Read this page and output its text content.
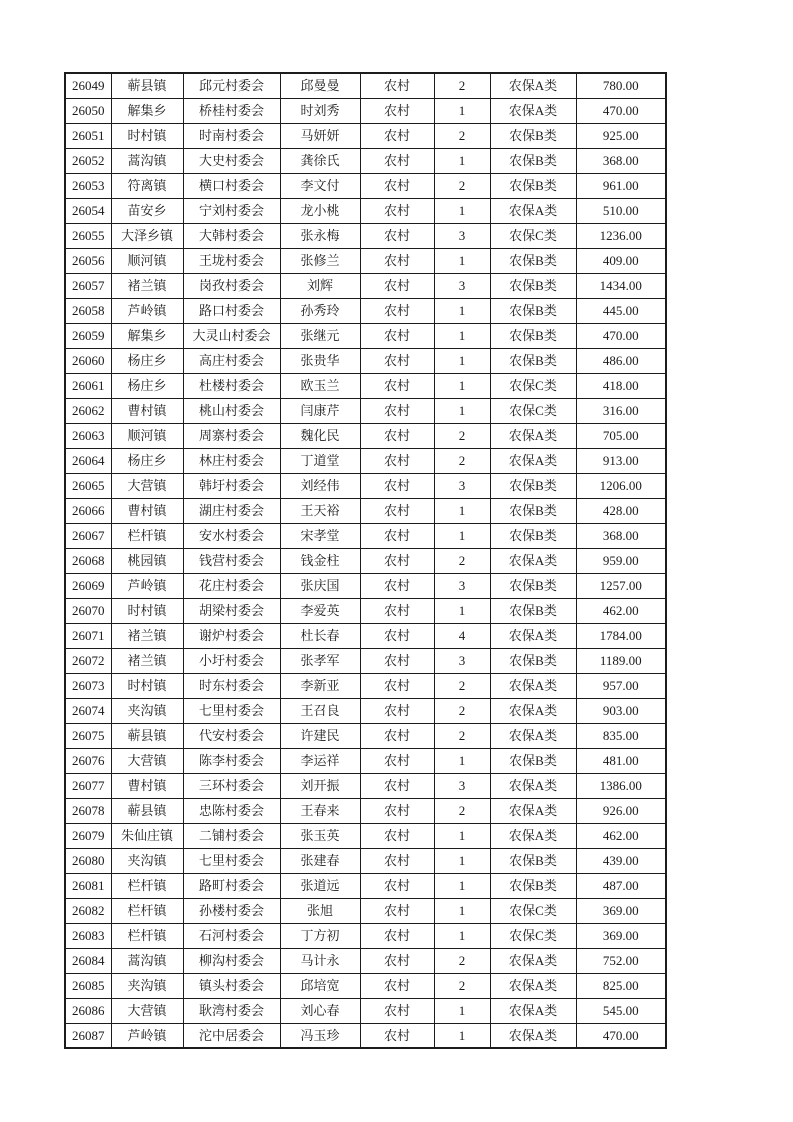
26049	蕲县镇	邱元村委会	邱曼曼	农村	2	农保A类	780.00
26050	解集乡	桥桂村委会	时刘秀	农村	1	农保A类	470.00
26051	时村镇	时南村委会	马妍妍	农村	2	农保B类	925.00
26052	蒿沟镇	大史村委会	龚徐氏	农村	1	农保B类	368.00
26053	符离镇	横口村委会	李文付	农村	2	农保B类	961.00
26054	苗安乡	宁刘村委会	龙小桃	农村	1	农保A类	510.00
26055	大泽乡镇	大韩村委会	张永梅	农村	3	农保C类	1236.00
26056	顺河镇	王垅村委会	张修兰	农村	1	农保B类	409.00
26057	褚兰镇	岗孜村委会	刘辉	农村	3	农保B类	1434.00
26058	芦岭镇	路口村委会	孙秀玲	农村	1	农保B类	445.00
26059	解集乡	大灵山村委会	张继元	农村	1	农保B类	470.00
26060	杨庄乡	高庄村委会	张贵华	农村	1	农保B类	486.00
26061	杨庄乡	杜楼村委会	欧玉兰	农村	1	农保C类	418.00
26062	曹村镇	桃山村委会	闫康芹	农村	1	农保C类	316.00
26063	顺河镇	周寨村委会	魏化民	农村	2	农保A类	705.00
26064	杨庄乡	林庄村委会	丁道堂	农村	2	农保A类	913.00
26065	大营镇	韩圩村委会	刘经伟	农村	3	农保B类	1206.00
26066	曹村镇	湖庄村委会	王天裕	农村	1	农保B类	428.00
26067	栏杆镇	安水村委会	宋孝堂	农村	1	农保B类	368.00
26068	桃园镇	钱营村委会	钱金柱	农村	2	农保A类	959.00
26069	芦岭镇	花庄村委会	张庆国	农村	3	农保B类	1257.00
26070	时村镇	胡梁村委会	李爱英	农村	1	农保B类	462.00
26071	褚兰镇	谢炉村委会	杜长春	农村	4	农保A类	1784.00
26072	褚兰镇	小圩村委会	张孝军	农村	3	农保B类	1189.00
26073	时村镇	时东村委会	李新亚	农村	2	农保A类	957.00
26074	夹沟镇	七里村委会	王召良	农村	2	农保A类	903.00
26075	蕲县镇	代安村委会	许建民	农村	2	农保A类	835.00
26076	大营镇	陈李村委会	李运祥	农村	1	农保B类	481.00
26077	曹村镇	三环村委会	刘开振	农村	3	农保A类	1386.00
26078	蕲县镇	忠陈村委会	王春来	农村	2	农保A类	926.00
26079	朱仙庄镇	二铺村委会	张玉英	农村	1	农保A类	462.00
26080	夹沟镇	七里村委会	张建春	农村	1	农保B类	439.00
26081	栏杆镇	路町村委会	张道远	农村	1	农保B类	487.00
26082	栏杆镇	孙楼村委会	张旭	农村	1	农保C类	369.00
26083	栏杆镇	石河村委会	丁方初	农村	1	农保C类	369.00
26084	蒿沟镇	柳沟村委会	马计永	农村	2	农保A类	752.00
26085	夹沟镇	镇头村委会	邱培宽	农村	2	农保A类	825.00
26086	大营镇	耿湾村委会	刘心春	农村	1	农保A类	545.00
26087	芦岭镇	沱中居委会	冯玉珍	农村	1	农保A类	470.00
